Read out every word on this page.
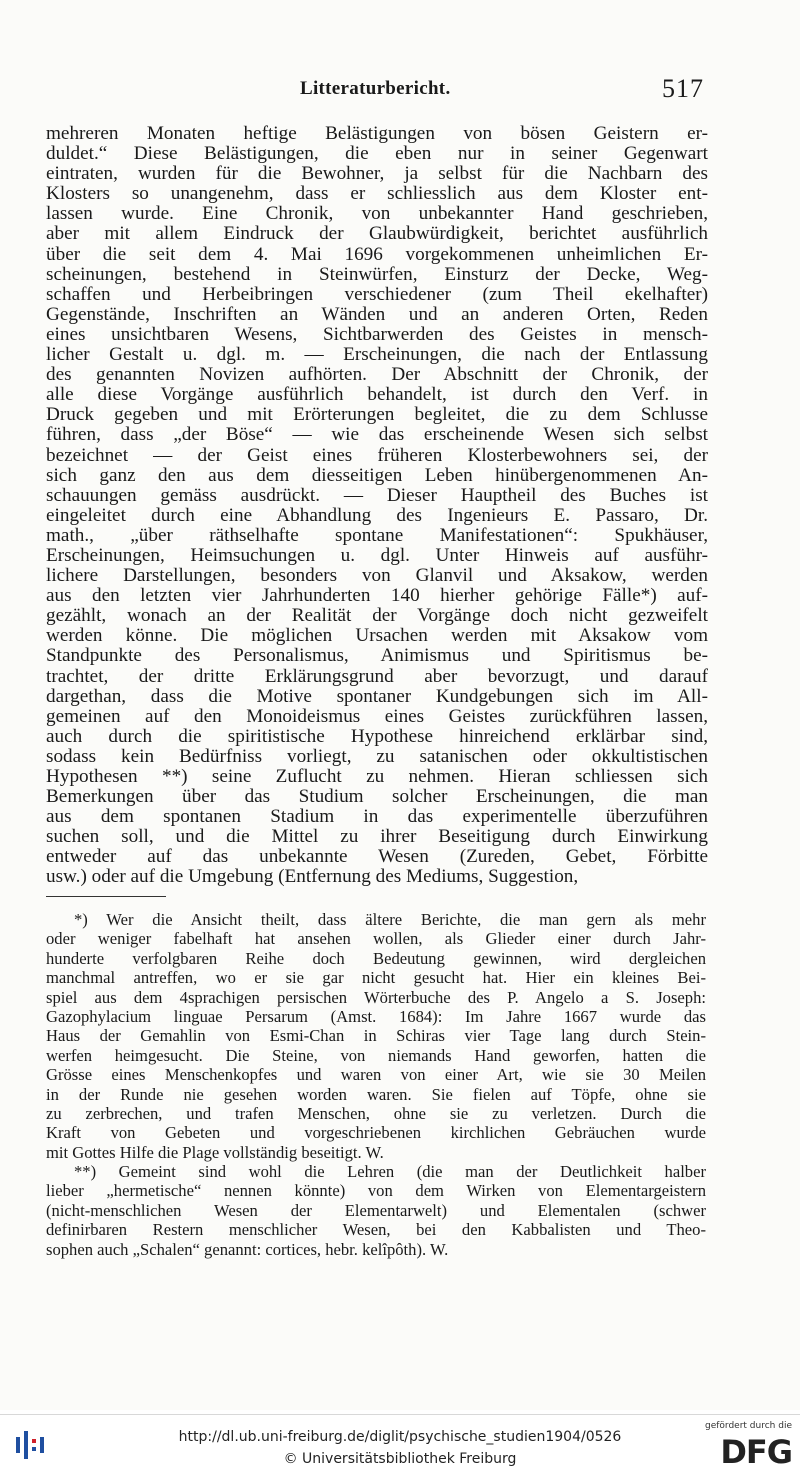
Litteraturbericht.	517
mehreren Monaten heftige Belästigungen von bösen Geistern er-
duldet.“ Diese Belästigungen, die eben nur in seiner Gegenwart
eintraten, wurden für die Bewohner, ja selbst für die Nachbarn des
Klosters so unangenehm, dass er schliesslich aus dem Kloster ent-
lassen wurde. Eine Chronik, von unbekannter Hand geschrieben,
aber mit allem Eindruck der Glaubwürdigkeit, berichtet ausführlich
über die seit dem 4. Mai 1696 vorgekommenen unheimlichen Er-
scheinungen, bestehend in Steinwürfen, Einsturz der Decke, Weg-
schaffen und Herbeibringen verschiedener (zum Theil ekelhafter)
Gegenstände, Inschriften an Wänden und an anderen Orten, Reden
eines unsichtbaren Wesens, Sichtbarwerden des Geistes in mensch-
licher Gestalt u. dgl. m. — Erscheinungen, die nach der Entlassung
des genannten Novizen aufhörten. Der Abschnitt der Chronik, der
alle diese Vorgänge ausführlich behandelt, ist durch den Verf. in
Druck gegeben und mit Erörterungen begleitet, die zu dem Schlusse
führen, dass „der Böse“ — wie das erscheinende Wesen sich selbst
bezeichnet — der Geist eines früheren Klosterbewohners sei, der
sich ganz den aus dem diesseitigen Leben hinübergenommenen An-
schauungen gemäss ausdrückt. — Dieser Hauptheil des Buches ist
eingeleitet durch eine Abhandlung des Ingenieurs E. Passaro, Dr.
math., „über räthselhafte spontane Manifestationen“: Spukhäuser,
Erscheinungen, Heimsuchungen u. dgl. Unter Hinweis auf ausführ-
lichere Darstellungen, besonders von Glanvil und Aksakow, werden
aus den letzten vier Jahrhunderten 140 hierher gehörige Fälle*) auf-
gezählt, wonach an der Realität der Vorgänge doch nicht gezweifelt
werden könne. Die möglichen Ursachen werden mit Aksakow vom
Standpunkte des Personalismus, Animismus und Spiritismus be-
trachtet, der dritte Erklärungsgrund aber bevorzugt, und darauf
dargethan, dass die Motive spontaner Kundgebungen sich im All-
gemeinen auf den Monoideismus eines Geistes zurückführen lassen,
auch durch die spiritistische Hypothese hinreichend erklärbar sind,
sodass kein Bedürfniss vorliegt, zu satanischen oder okkultistischen
Hypothesen **) seine Zuflucht zu nehmen. Hieran schliessen sich
Bemerkungen über das Studium solcher Erscheinungen, die man
aus dem spontanen Stadium in das experimentelle überzuführen
suchen soll, und die Mittel zu ihrer Beseitigung durch Einwirkung
entweder auf das unbekannte Wesen (Zureden, Gebet, Förbitte
usw.) oder auf die Umgebung (Entfernung des Mediums, Suggestion,
*) Wer die Ansicht theilt, dass ältere Berichte, die man gern als mehr
oder weniger fabelhaft hat ansehen wollen, als Glieder einer durch Jahr-
hunderte verfolgbaren Reihe doch Bedeutung gewinnen, wird dergleichen
manchmal antreffen, wo er sie gar nicht gesucht hat. Hier ein kleines Bei-
spiel aus dem 4sprachigen persischen Wörterbuche des P. Angelo a S. Joseph:
Gazophylacium linguae Persarum (Amst. 1684): Im Jahre 1667 wurde das
Haus der Gemahlin von Esmi-Chan in Schiras vier Tage lang durch Stein-
werfen heimgesucht. Die Steine, von niemands Hand geworfen, hatten die
Grösse eines Menschenkopfes und waren von einer Art, wie sie 30 Meilen
in der Runde nie gesehen worden waren. Sie fielen auf Töpfe, ohne sie
zu zerbrechen, und trafen Menschen, ohne sie zu verletzen. Durch die
Kraft von Gebeten und vorgeschriebenen kirchlichen Gebräuchen wurde
mit Gottes Hilfe die Plage vollständig beseitigt. W.
**) Gemeint sind wohl die Lehren (die man der Deutlichkeit halber
lieber „hermetische“ nennen könnte) von dem Wirken von Elementargeistern
(nicht-menschlichen Wesen der Elementarwelt) und Elementalen (schwer
definirbaren Restern menschlicher Wesen, bei den Kabbalisten und Theo-
sophen auch „Schalen“ genannt: cortices, hebr. kelîpôth). W.
http://dl.ub.uni-freiburg.de/diglit/psychische_studien1904/0526
© Universitätsbibliothek Freiburg
gefördert durch die
DFG
